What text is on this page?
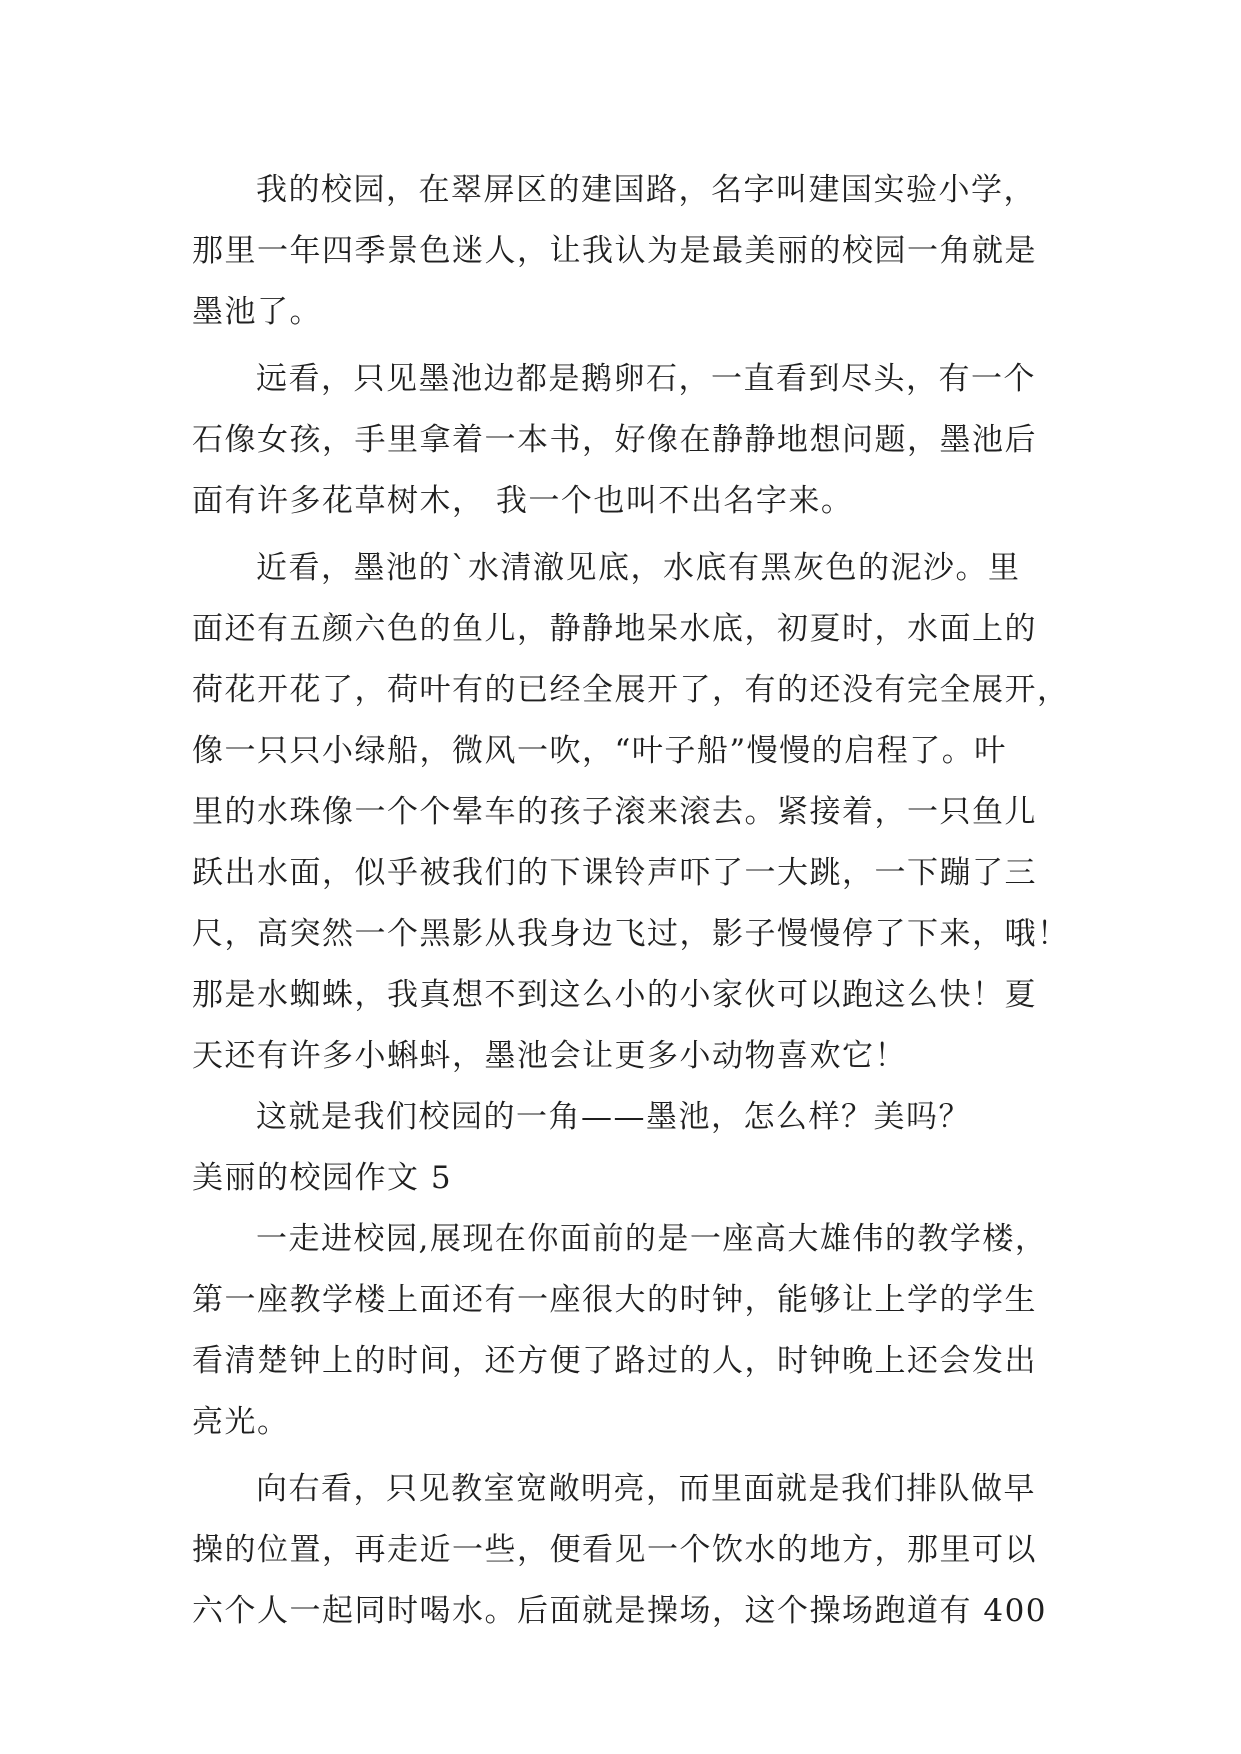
我的校园，在翠屏区的建国路，名字叫建国实验小学，
那里一年四季景色迷人，让我认为是最美丽的校园一角就是
墨池了。
远看，只见墨池边都是鹅卵石，一直看到尽头，有一个
石像女孩，手里拿着一本书，好像在静静地想问题，墨池后
面有许多花草树木， 我一个也叫不出名字来。
近看，墨池的`水清澈见底，水底有黑灰色的泥沙。里
面还有五颜六色的鱼儿，静静地呆水底，初夏时，水面上的
荷花开花了，荷叶有的已经全展开了，有的还没有完全展开，
像一只只小绿船，微风一吹，“叶子船”慢慢的启程了。叶
里的水珠像一个个晕车的孩子滚来滚去。紧接着，一只鱼儿
跃出水面，似乎被我们的下课铃声吓了一大跳，一下蹦了三
尺，高突然一个黑影从我身边飞过，影子慢慢停了下来，哦！
那是水蜘蛛，我真想不到这么小的小家伙可以跑这么快！夏
天还有许多小蝌蚪，墨池会让更多小动物喜欢它！
这就是我们校园的一角——墨池，怎么样？美吗？
美丽的校园作文 5
一走进校园,展现在你面前的是一座高大雄伟的教学楼，
第一座教学楼上面还有一座很大的时钟，能够让上学的学生
看清楚钟上的时间，还方便了路过的人，时钟晚上还会发出
亮光。
向右看，只见教室宽敞明亮，而里面就是我们排队做早
操的位置，再走近一些，便看见一个饮水的地方，那里可以
六个人一起同时喝水。后面就是操场，这个操场跑道有 400
